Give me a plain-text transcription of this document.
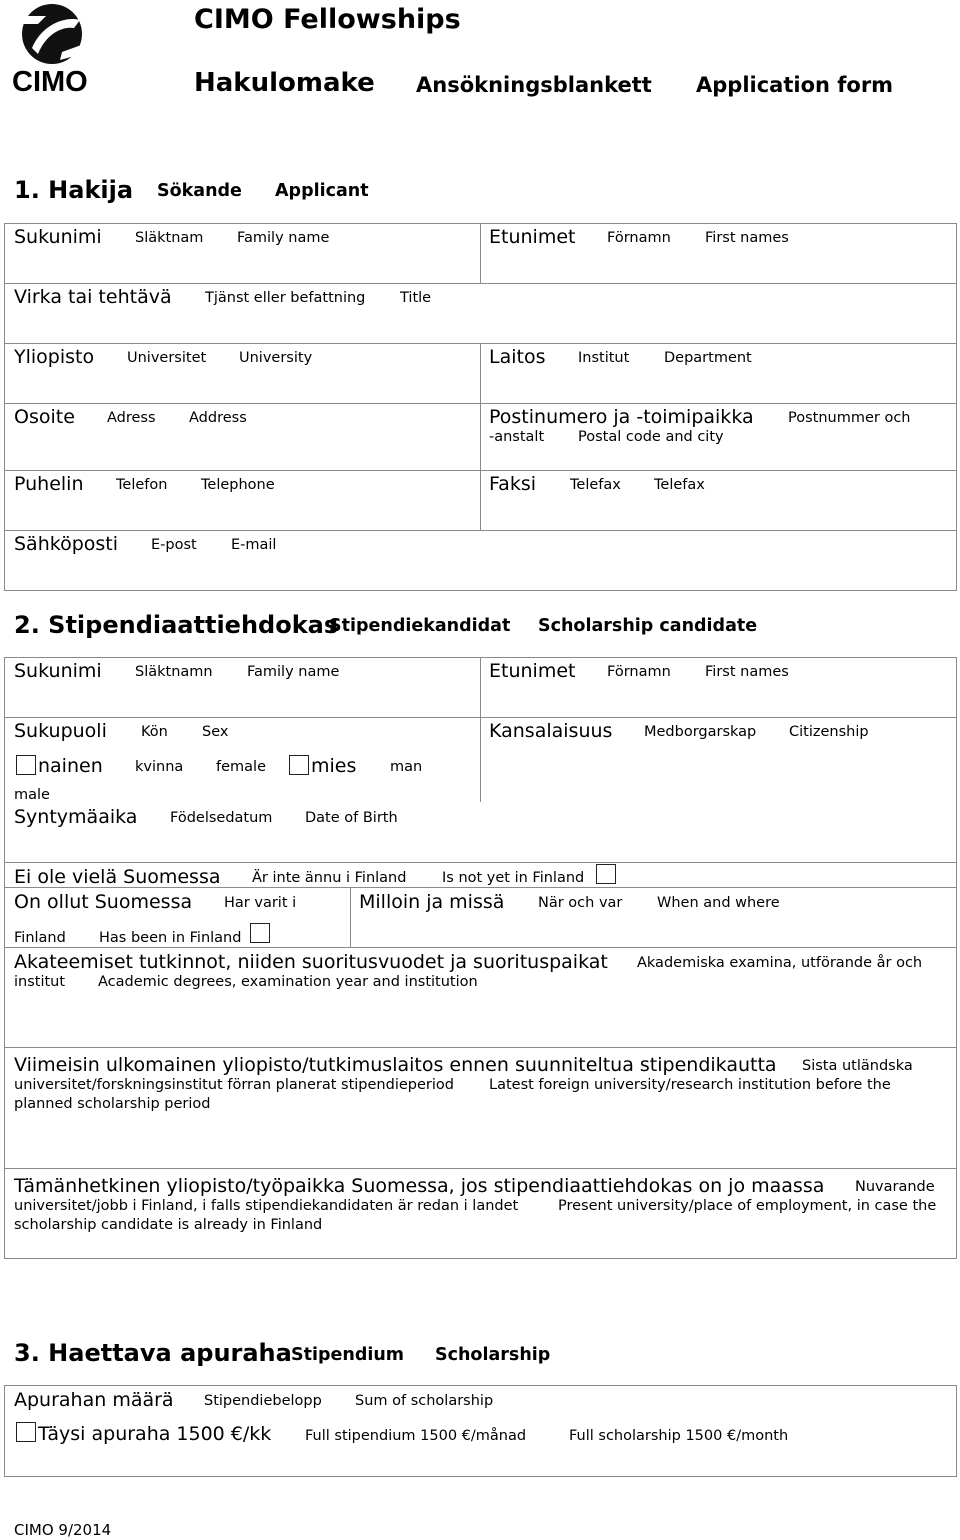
CIMO
CIMO Fellowships
Hakulomake Ansökningsblankett Application form
1. Hakija Sökande Applicant
Sukunimi Släktnam Family name	Etunimet Förnamn First names
Virka tai tehtävä Tjänst eller befattning Title
Yliopisto Universitet University	Laitos Institut Department
Osoite Adress Address	Postinumero ja -toimipaikka Postnummer och
-anstalt Postal code and city
Puhelin Telefon Telephone	Faksi Telefax Telefax
Sähköposti E-post E-mail
2. Stipendiaattiehdokas
Stipendiekandidat Scholarship candidate
Sukunimi Släktnamn Family name	Etunimet Förnamn First names
Sukupuoli Kön Sex
nainen kvinna female mies man
male
Kansalaisuus Medborgarskap Citizenship
Syntymäaika Födelsedatum Date of Birth
Ei ole vielä Suomessa Är inte ännu i Finland Is not yet in Finland
On ollut Suomessa Har varit i
Finland Has been in Finland
Milloin ja missä När och var When and where
Akateemiset tutkinnot, niiden suoritusvuodet ja suorituspaikat Akademiska examina, utförande år och
institut Academic degrees, examination year and institution
Viimeisin ulkomainen yliopisto/tutkimuslaitos ennen suunniteltua stipendikautta Sista utländska
universitet/forskningsinstitut förran planerat stipendieperiod Latest foreign university/research institution before the
planned scholarship period
Tämänhetkinen yliopisto/työpaikka Suomessa, jos stipendiaattiehdokas on jo maassa Nuvarande
universitet/jobb i Finland, i falls stipendiekandidaten är redan i landet	Present university/place of employment, in case the
scholarship candidate is already in Finland
3. Haettava apuraha Stipendium Scholarship
Apurahan määrä Stipendiebelopp Sum of scholarship
Täysi apuraha 1500 €/kk Full stipendium 1500 €/månad	Full scholarship 1500 €/month
CIMO 9/2014
